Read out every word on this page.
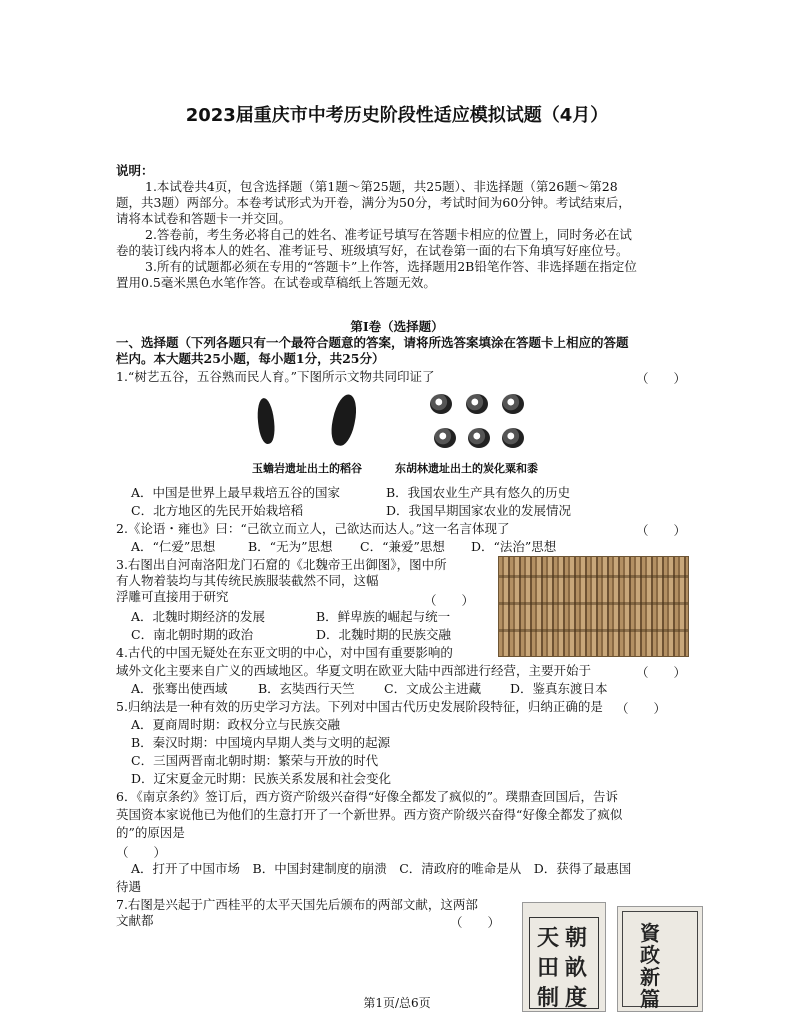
2023届重庆市中考历史阶段性适应模拟试题（4月）
说明：
1.本试卷共4页，包含选择题（第1题～第25题，共25题）、非选择题（第26题～第28
题，共3题）两部分。本卷考试形式为开卷，满分为50分，考试时间为60分钟。考试结束后，
请将本试卷和答题卡一并交回。
2.答卷前，考生务必将自己的姓名、准考证号填写在答题卡相应的位置上，同时务必在试
卷的装订线内将本人的姓名、准考证号、班级填写好，在试卷第一面的右下角填写好座位号。
3.所有的试题都必须在专用的“答题卡”上作答，选择题用2B铅笔作答、非选择题在指定位
置用0.5毫米黑色水笔作答。在试卷或草稿纸上答题无效。
第Ⅰ卷（选择题）
一、选择题（下列各题只有一个最符合题意的答案，请将所选答案填涂在答题卡上相应的答题
栏内。本大题共25小题，每小题1分，共25分）
1.“树艺五谷，五谷熟而民人育。”下图所示文物共同印证了	（　　）
玉蟾岩遗址出土的稻谷	东胡林遗址出土的炭化粟和黍
A．中国是世界上最早栽培五谷的国家	B．我国农业生产具有悠久的历史
C．北方地区的先民开始栽培稻	D．我国早期国家农业的发展情况
2.《论语・雍也》曰：“己欲立而立人，己欲达而达人。”这一名言体现了	（　　）
A．“仁爱”思想	B．“无为”思想 C．“兼爱”思想 D．“法治”思想
3.右图出自河南洛阳龙门石窟的《北魏帝王出御图》，图中所
有人物着装均与其传统民族服装截然不同，这幅
浮雕可直接用于研究	（　　）
A．北魏时期经济的发展	B．鲜卑族的崛起与统一
C．南北朝时期的政治	D．北魏时期的民族交融
4.古代的中国无疑处在东亚文明的中心，对中国有重要影响的
域外文化主要来自广义的西域地区。华夏文明在欧亚大陆中西部进行经营，主要开始于	（　　）
A．张骞出使西域 B．玄奘西行天竺 C．文成公主进藏 D．鉴真东渡日本
5.归纳法是一种有效的历史学习方法。下列对中国古代历史发展阶段特征，归纳正确的是 （　　）
A．夏商周时期：政权分立与民族交融
B．秦汉时期：中国境内早期人类与文明的起源
C．三国两晋南北朝时期：繁荣与开放的时代
D．辽宋夏金元时期：民族关系发展和社会变化
6．《南京条约》签订后，西方资产阶级兴奋得“好像全都发了疯似的”。璞鼎查回国后，告诉
英国资本家说他已为他们的生意打开了一个新世界。西方资产阶级兴奋得“好像全都发了疯似
的”的原因是
（　　）
A．打开了中国市场　B．中国封建制度的崩溃　C．清政府的唯命是从　D．获得了最惠国
待遇
7.右图是兴起于广西桂平的太平天国先后颁布的两部文献，这两部
文献都	（　　）
天 朝
田 畝
制 度
資
政
新
篇
第1页/总6页
